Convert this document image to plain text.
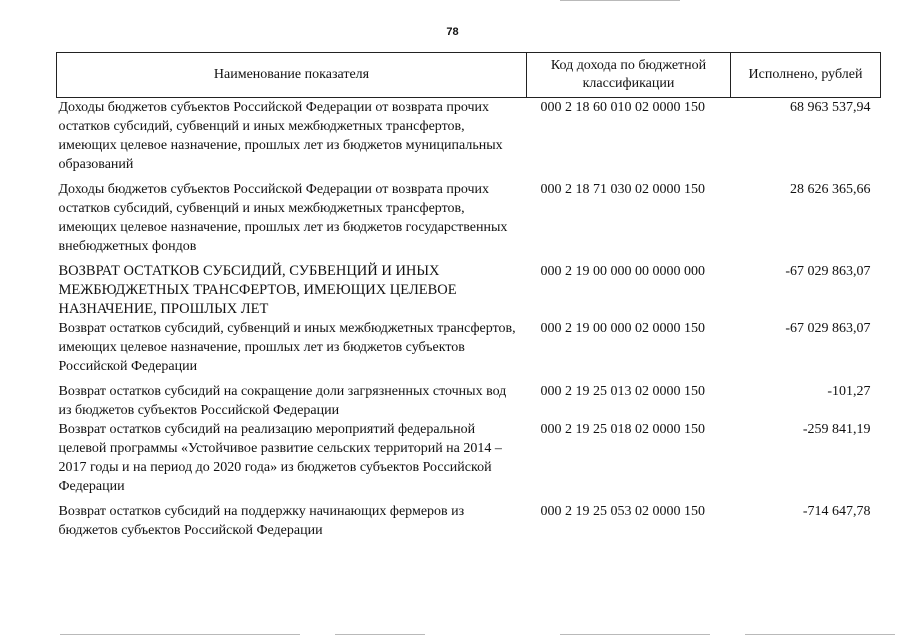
78
Наименование показателя	Код дохода по бюджетной классификации	Исполнено, рублей
Доходы бюджетов субъектов Российской Федерации от возврата прочих остатков субсидий, субвенций и иных межбюджетных трансфертов, имеющих целевое назначение, прошлых лет из бюджетов муниципальных образований	000 2 18 60 010 02 0000 150	68 963 537,94
Доходы бюджетов субъектов Российской Федерации от возврата прочих остатков субсидий, субвенций и иных межбюджетных трансфертов, имеющих целевое назначение, прошлых лет из бюджетов государственных внебюджетных фондов	000 2 18 71 030 02 0000 150	28 626 365,66
ВОЗВРАТ ОСТАТКОВ СУБСИДИЙ, СУБВЕНЦИЙ И ИНЫХ МЕЖБЮДЖЕТНЫХ ТРАНСФЕРТОВ, ИМЕЮЩИХ ЦЕЛЕВОЕ НАЗНАЧЕНИЕ, ПРОШЛЫХ ЛЕТ	000 2 19 00 000 00 0000 000	-67 029 863,07
Возврат остатков субсидий, субвенций и иных межбюджетных трансфертов, имеющих целевое назначение, прошлых лет из бюджетов субъектов Российской Федерации	000 2 19 00 000 02 0000 150	-67 029 863,07
Возврат остатков субсидий на сокращение доли загрязненных сточных вод из бюджетов субъектов Российской Федерации	000 2 19 25 013 02 0000 150	-101,27
Возврат остатков субсидий на реализацию мероприятий федеральной целевой программы «Устойчивое развитие сельских территорий на 2014 – 2017 годы и на период до 2020 года» из бюджетов субъектов Российской Федерации	000 2 19 25 018 02 0000 150	-259 841,19
Возврат остатков субсидий на поддержку начинающих фермеров из бюджетов субъектов Российской Федерации	000 2 19 25 053 02 0000 150	-714 647,78
